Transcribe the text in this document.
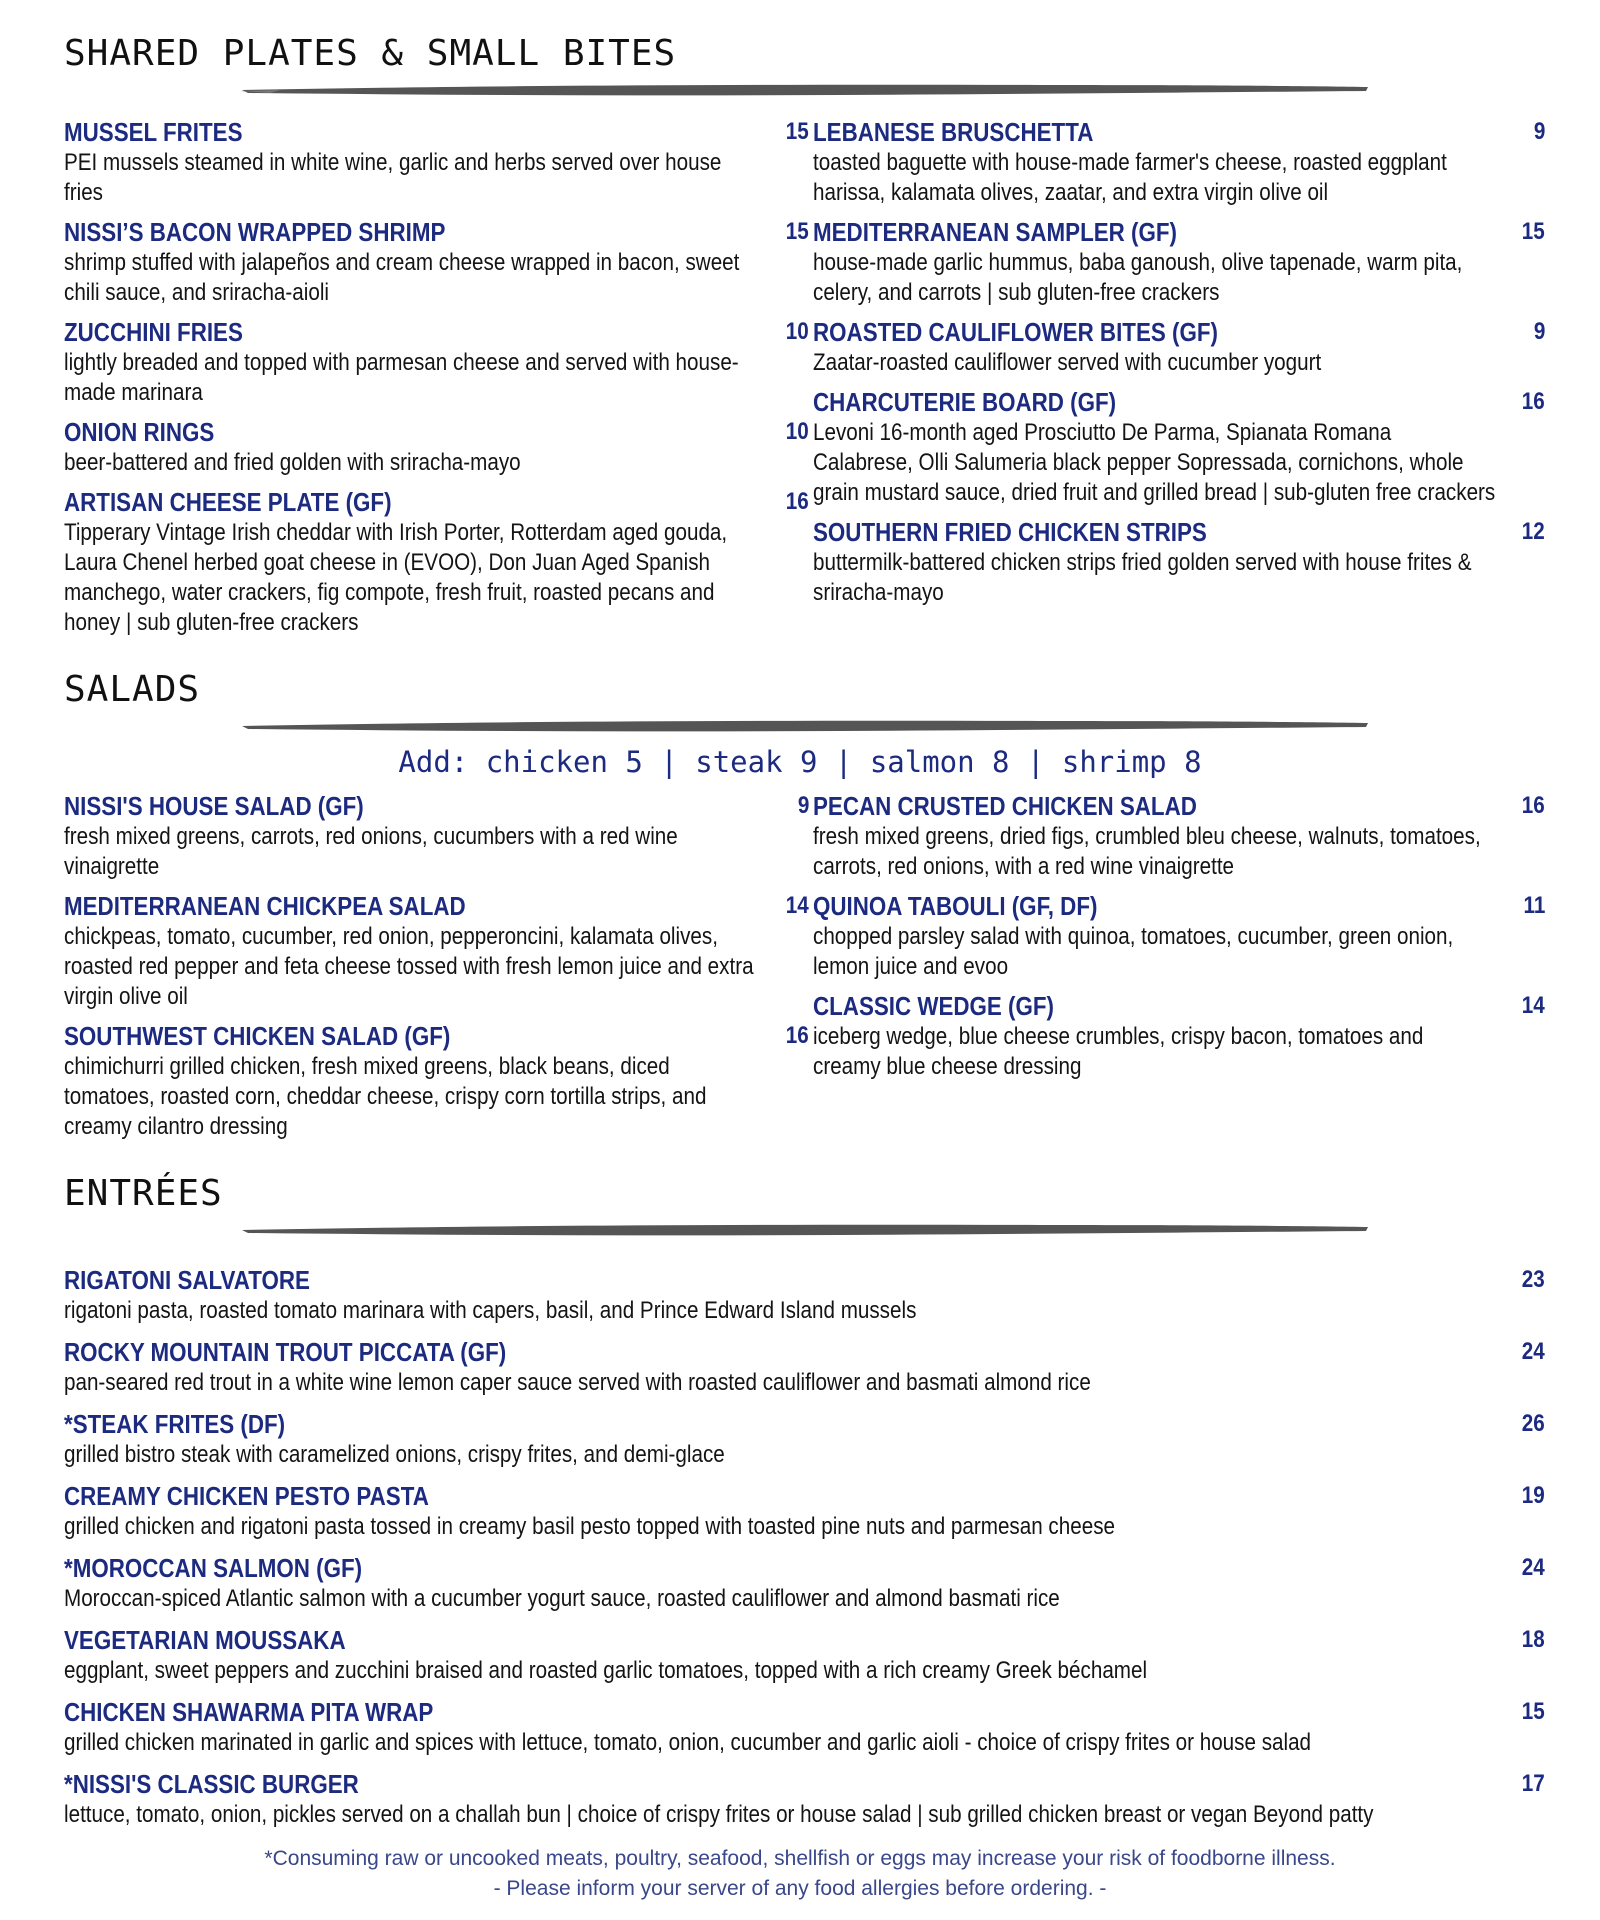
SHARED PLATES & SMALL BITES
MUSSEL FRITES	15

PEI mussels steamed in white wine, garlic and herbs served over house fries

NISSI’S BACON WRAPPED SHRIMP	15

shrimp stuffed with jalapeños and cream cheese wrapped in bacon, sweet chili sauce, and sriracha-aioli

ZUCCHINI FRIES	10

lightly breaded and topped with parmesan cheese and served with house-made marinara

ONION RINGS	10

beer-battered and fried golden with sriracha-mayo

ARTISAN CHEESE PLATE (GF)	16

Tipperary Vintage Irish cheddar with Irish Porter, Rotterdam aged gouda, Laura Chenel herbed goat cheese in (EVOO), Don Juan Aged Spanish manchego, water crackers, fig compote, fresh fruit, roasted pecans and honey | sub gluten-free crackers

LEBANESE BRUSCHETTA	9

toasted baguette with house-made farmer's cheese, roasted eggplant harissa, kalamata olives, zaatar, and extra virgin olive oil

MEDITERRANEAN SAMPLER (GF)	15

house-made garlic hummus, baba ganoush, olive tapenade, warm pita, celery, and carrots | sub gluten-free crackers

ROASTED CAULIFLOWER BITES (GF)	9

Zaatar-roasted cauliflower served with cucumber yogurt

CHARCUTERIE BOARD (GF)	16

Levoni 16-month aged Prosciutto De Parma, Spianata Romana Calabrese, Olli Salumeria black pepper Sopressada, cornichons, whole grain mustard sauce, dried fruit and grilled bread | sub-gluten free crackers

SOUTHERN FRIED CHICKEN STRIPS	12

buttermilk-battered chicken strips fried golden served with house frites & sriracha-mayo

SALADS
Add: chicken 5 | steak 9 | salmon 8 | shrimp 8
NISSI'S HOUSE SALAD (GF)	9

fresh mixed greens, carrots, red onions, cucumbers with a red wine vinaigrette

MEDITERRANEAN CHICKPEA SALAD	14

chickpeas, tomato, cucumber, red onion, pepperoncini, kalamata olives, roasted red pepper and feta cheese tossed with fresh lemon juice and extra virgin olive oil

SOUTHWEST CHICKEN SALAD (GF)	16

chimichurri grilled chicken, fresh mixed greens, black beans, diced tomatoes, roasted corn, cheddar cheese, crispy corn tortilla strips, and creamy cilantro dressing

PECAN CRUSTED CHICKEN SALAD	16

fresh mixed greens, dried figs, crumbled bleu cheese, walnuts, tomatoes, carrots, red onions, with a red wine vinaigrette

QUINOA TABOULI (GF, DF)	11

chopped parsley salad with quinoa, tomatoes, cucumber, green onion, lemon juice and evoo

CLASSIC WEDGE (GF)	14

iceberg wedge, blue cheese crumbles, crispy bacon, tomatoes and creamy blue cheese dressing

ENTRÉES
RIGATONI SALVATORE	23

rigatoni pasta, roasted tomato marinara with capers, basil, and Prince Edward Island mussels

ROCKY MOUNTAIN TROUT PICCATA (GF)	24

pan-seared red trout in a white wine lemon caper sauce served with roasted cauliflower and basmati almond rice

*STEAK FRITES (DF)	26

grilled bistro steak with caramelized onions, crispy frites, and demi-glace

CREAMY CHICKEN PESTO PASTA	19

grilled chicken and rigatoni pasta tossed in creamy basil pesto topped with toasted pine nuts and parmesan cheese

*MOROCCAN SALMON (GF)	24

Moroccan-spiced Atlantic salmon with a cucumber yogurt sauce, roasted cauliflower and almond basmati rice

VEGETARIAN MOUSSAKA	18

eggplant, sweet peppers and zucchini braised and roasted garlic tomatoes, topped with a rich creamy Greek béchamel

CHICKEN SHAWARMA PITA WRAP	15

grilled chicken marinated in garlic and spices with lettuce, tomato, onion, cucumber and garlic aioli - choice of crispy frites or house salad

*NISSI'S CLASSIC BURGER	17

lettuce, tomato, onion, pickles served on a challah bun | choice of crispy frites or house salad | sub grilled chicken breast or vegan Beyond patty

*Consuming raw or uncooked meats, poultry, seafood, shellfish or eggs may increase your risk of foodborne illness.
- Please inform your server of any food allergies before ordering. -
